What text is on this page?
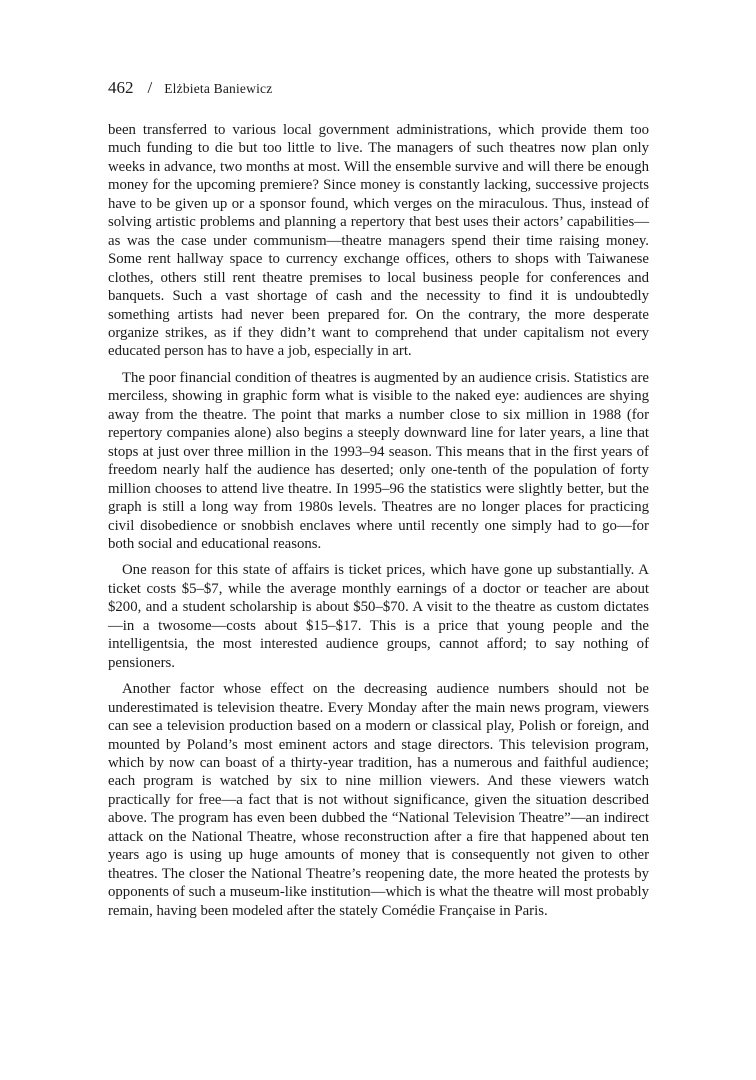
462 / Elżbieta Baniewicz

been transferred to various local government administrations, which provide them too much funding to die but too little to live. The managers of such theatres now plan only weeks in advance, two months at most. Will the ensemble survive and will there be enough money for the upcoming premiere? Since money is constantly lacking, successive projects have to be given up or a sponsor found, which verges on the miraculous. Thus, instead of solving artistic problems and planning a repertory that best uses their actors’ capabilities—as was the case under communism—theatre managers spend their time raising money. Some rent hallway space to currency exchange offices, others to shops with Taiwanese clothes, others still rent theatre premises to local business people for conferences and banquets. Such a vast shortage of cash and the necessity to find it is undoubtedly something artists had never been prepared for. On the contrary, the more desperate organize strikes, as if they didn’t want to comprehend that under capitalism not every educated person has to have a job, especially in art.

The poor financial condition of theatres is augmented by an audience crisis. Statistics are merciless, showing in graphic form what is visible to the naked eye: audiences are shying away from the theatre. The point that marks a number close to six million in 1988 (for repertory companies alone) also begins a steeply downward line for later years, a line that stops at just over three million in the 1993–94 season. This means that in the first years of freedom nearly half the audience has deserted; only one-tenth of the population of forty million chooses to attend live theatre. In 1995–96 the statistics were slightly better, but the graph is still a long way from 1980s levels. Theatres are no longer places for practicing civil disobedience or snobbish enclaves where until recently one simply had to go—for both social and educational reasons.

One reason for this state of affairs is ticket prices, which have gone up substantially. A ticket costs $5–$7, while the average monthly earnings of a doctor or teacher are about $200, and a student scholarship is about $50–$70. A visit to the theatre as custom dictates—in a twosome—costs about $15–$17. This is a price that young people and the intelligentsia, the most interested audience groups, cannot afford; to say nothing of pensioners.

Another factor whose effect on the decreasing audience numbers should not be underestimated is television theatre. Every Monday after the main news program, viewers can see a television production based on a modern or classical play, Polish or foreign, and mounted by Poland’s most eminent actors and stage directors. This television program, which by now can boast of a thirty-year tradition, has a numerous and faithful audience; each program is watched by six to nine million viewers. And these viewers watch practically for free—a fact that is not without significance, given the situation described above. The program has even been dubbed the “National Television Theatre”—an indirect attack on the National Theatre, whose reconstruction after a fire that happened about ten years ago is using up huge amounts of money that is consequently not given to other theatres. The closer the National Theatre’s reopening date, the more heated the protests by opponents of such a museum-like institution—which is what the theatre will most probably remain, having been modeled after the stately Comédie Française in Paris.
